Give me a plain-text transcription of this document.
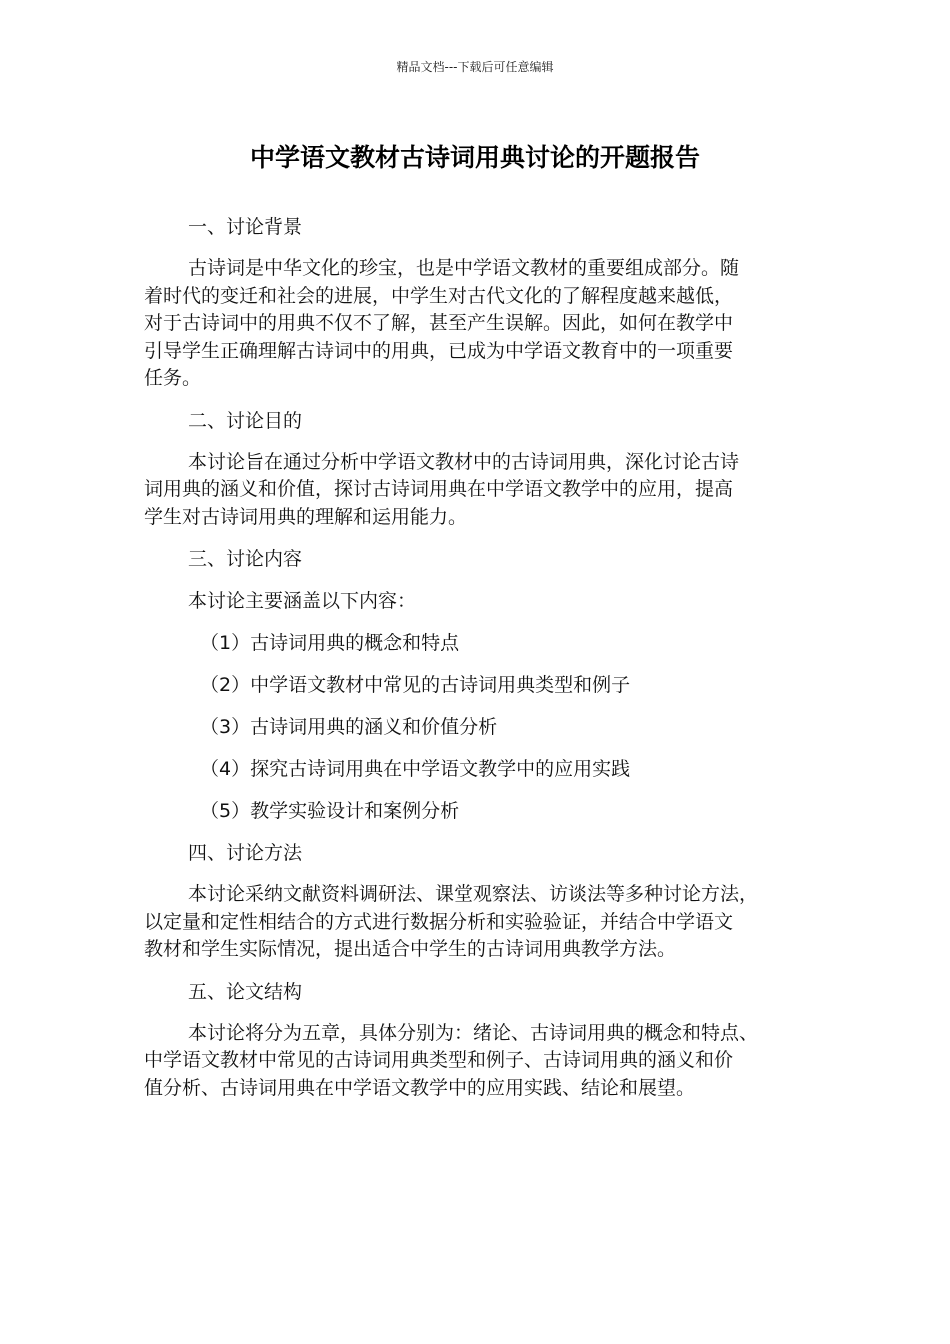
精品文档---下载后可任意编辑
中学语文教材古诗词用典讨论的开题报告
一、讨论背景

古诗词是中华文化的珍宝，也是中学语文教材的重要组成部分。随
着时代的变迁和社会的进展，中学生对古代文化的了解程度越来越低，
对于古诗词中的用典不仅不了解，甚至产生误解。因此，如何在教学中
引导学生正确理解古诗词中的用典，已成为中学语文教育中的一项重要
任务。

二、讨论目的

本讨论旨在通过分析中学语文教材中的古诗词用典，深化讨论古诗
词用典的涵义和价值，探讨古诗词用典在中学语文教学中的应用，提高
学生对古诗词用典的理解和运用能力。

三、讨论内容

本讨论主要涵盖以下内容：

（1）古诗词用典的概念和特点

（2）中学语文教材中常见的古诗词用典类型和例子

（3）古诗词用典的涵义和价值分析

（4）探究古诗词用典在中学语文教学中的应用实践

（5）教学实验设计和案例分析

四、讨论方法

本讨论采纳文献资料调研法、课堂观察法、访谈法等多种讨论方法，
以定量和定性相结合的方式进行数据分析和实验验证，并结合中学语文
教材和学生实际情况，提出适合中学生的古诗词用典教学方法。

五、论文结构

本讨论将分为五章，具体分别为：绪论、古诗词用典的概念和特点、
中学语文教材中常见的古诗词用典类型和例子、古诗词用典的涵义和价
值分析、古诗词用典在中学语文教学中的应用实践、结论和展望。
